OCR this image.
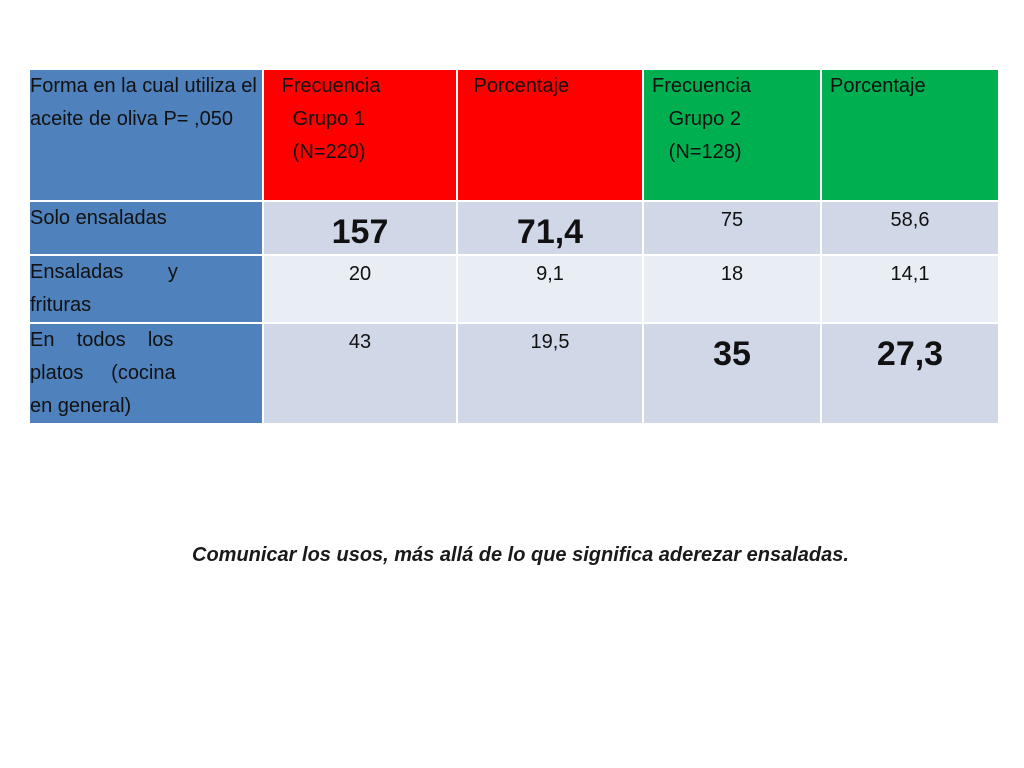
Forma en la cual utiliza el aceite de oliva P= ,050	Frecuencia
Grupo 1
(N=220)	Porcentaje	Frecuencia
Grupo 2
(N=128)	Porcentaje

Solo ensaladas	157	71,4	75	58,6

Ensaladas        y
frituras	20	9,1	18	14,1

En    todos    los
platos     (cocina
en general)	43	19,5	35	27,3
Comunicar los usos, más allá de lo que significa aderezar ensaladas.
